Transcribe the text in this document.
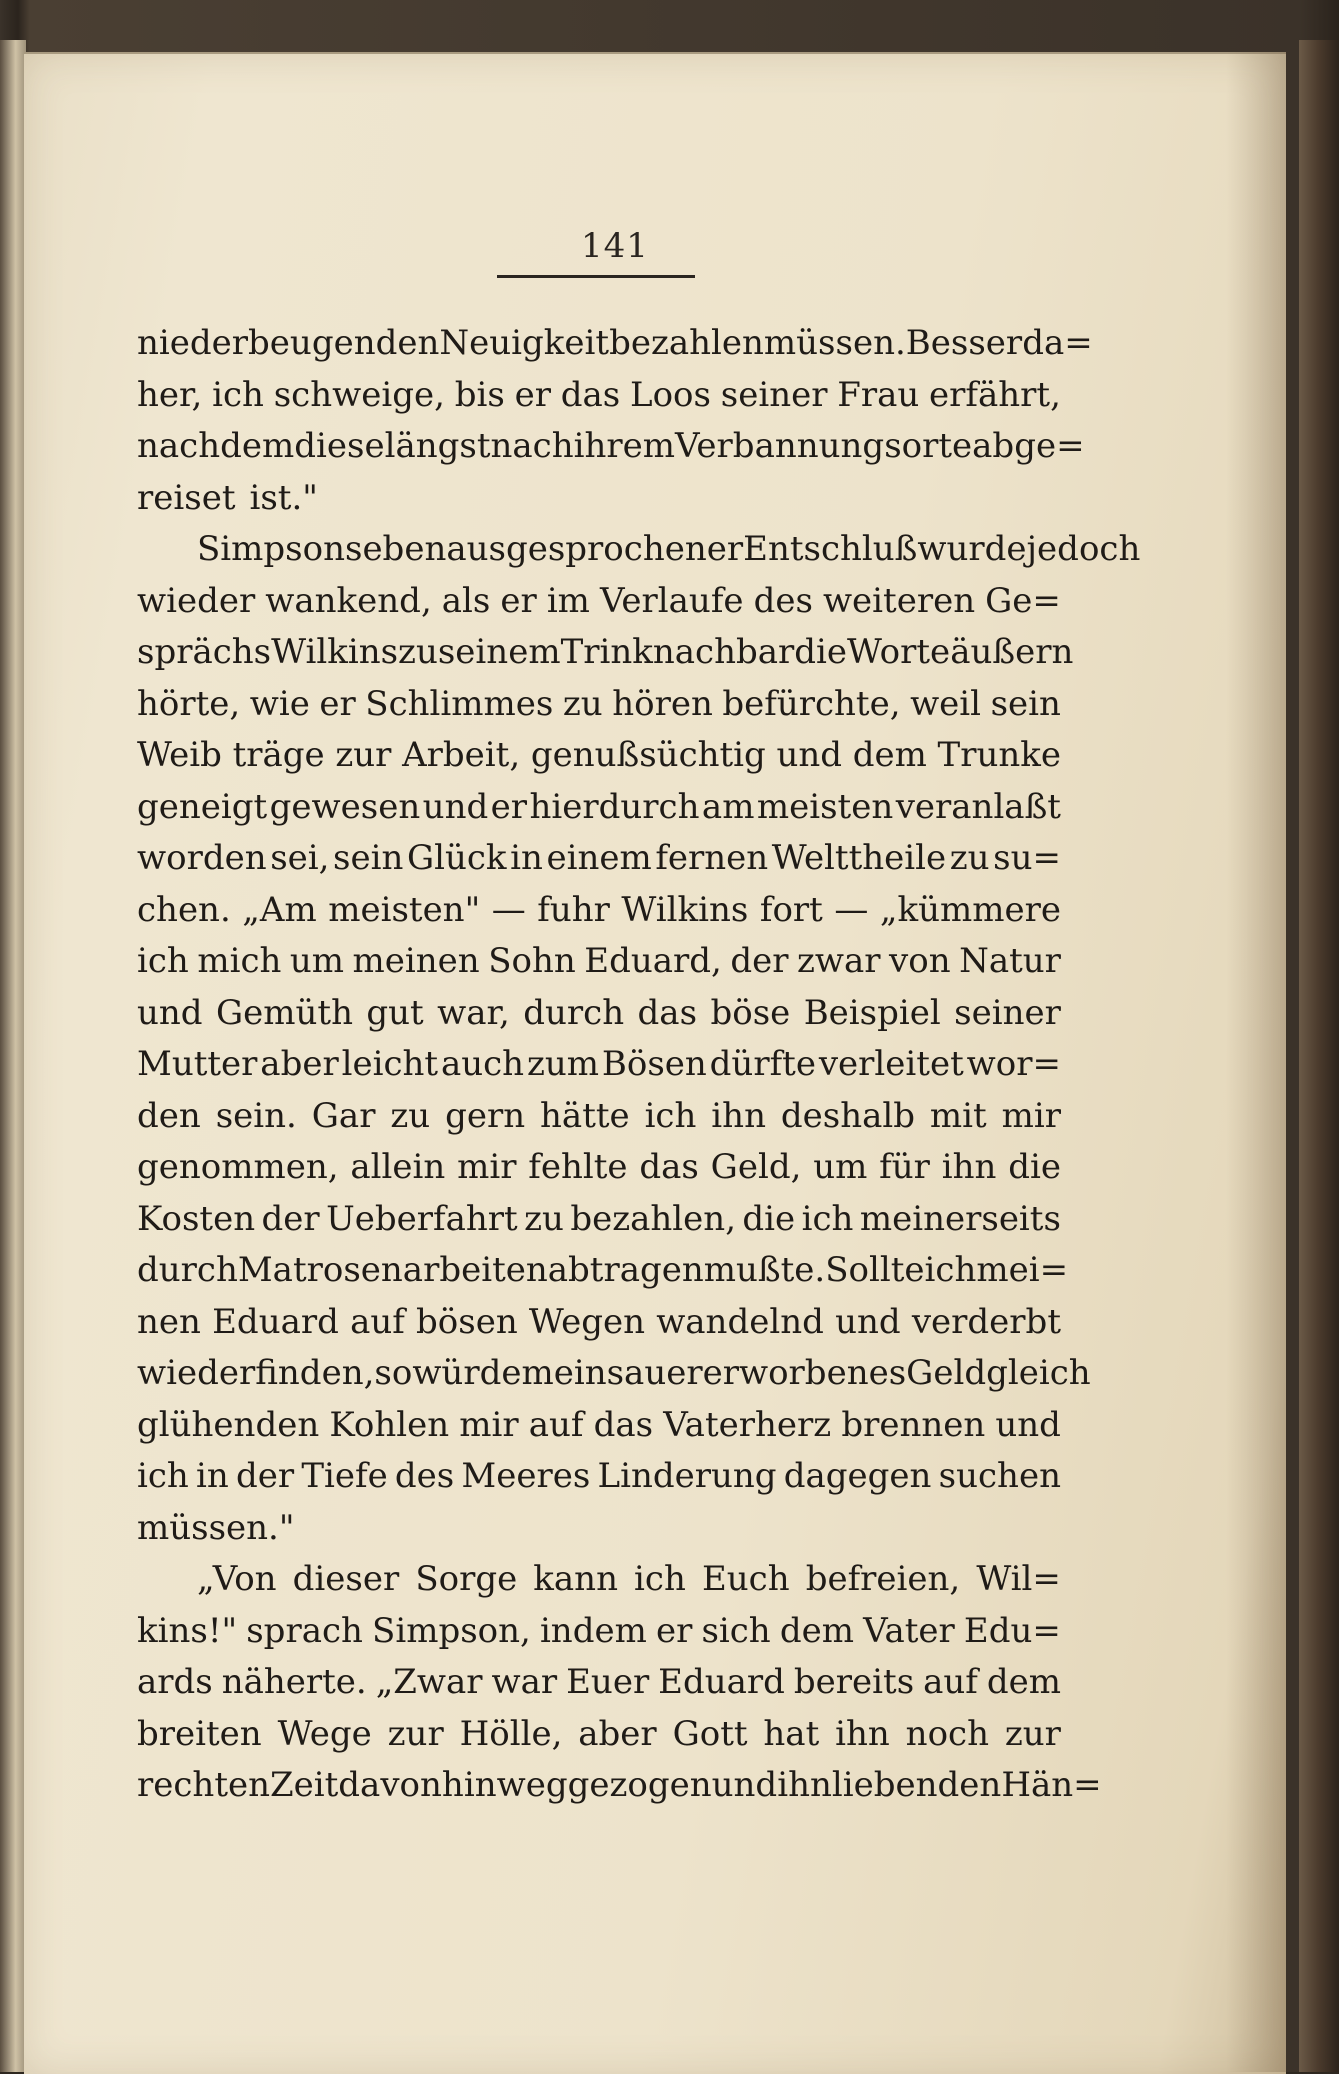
141
niederbeugenden Neuigkeit bezahlen müssen. Besser da=
her, ich schweige, bis er das Loos seiner Frau erfährt,
nachdem diese längst nach ihrem Verbannungsorte abge=
reiset ist."
Simpsons eben ausgesprochener Entschluß wurde jedoch
wieder wankend, als er im Verlaufe des weiteren Ge=
sprächs Wilkins zu seinem Trinknachbar die Worte äußern
hörte, wie er Schlimmes zu hören befürchte, weil sein
Weib träge zur Arbeit, genußsüchtig und dem Trunke
geneigt gewesen und er hierdurch am meisten veranlaßt
worden sei, sein Glück in einem fernen Welttheile zu su=
chen. „Am meisten" — fuhr Wilkins fort — „kümmere
ich mich um meinen Sohn Eduard, der zwar von Natur
und Gemüth gut war, durch das böse Beispiel seiner
Mutter aber leicht auch zum Bösen dürfte verleitet wor=
den sein. Gar zu gern hätte ich ihn deshalb mit mir
genommen, allein mir fehlte das Geld, um für ihn die
Kosten der Ueberfahrt zu bezahlen, die ich meinerseits
durch Matrosenarbeiten abtragen mußte. Sollte ich mei=
nen Eduard auf bösen Wegen wandelnd und verderbt
wiederfinden, so würde mein sauer erworbenes Geld gleich
glühenden Kohlen mir auf das Vaterherz brennen und
ich in der Tiefe des Meeres Linderung dagegen suchen
müssen."
„Von dieser Sorge kann ich Euch befreien, Wil=
kins!" sprach Simpson, indem er sich dem Vater Edu=
ards näherte. „Zwar war Euer Eduard bereits auf dem
breiten Wege zur Hölle, aber Gott hat ihn noch zur
rechten Zeit davon hinweggezogen und ihn liebenden Hän=
